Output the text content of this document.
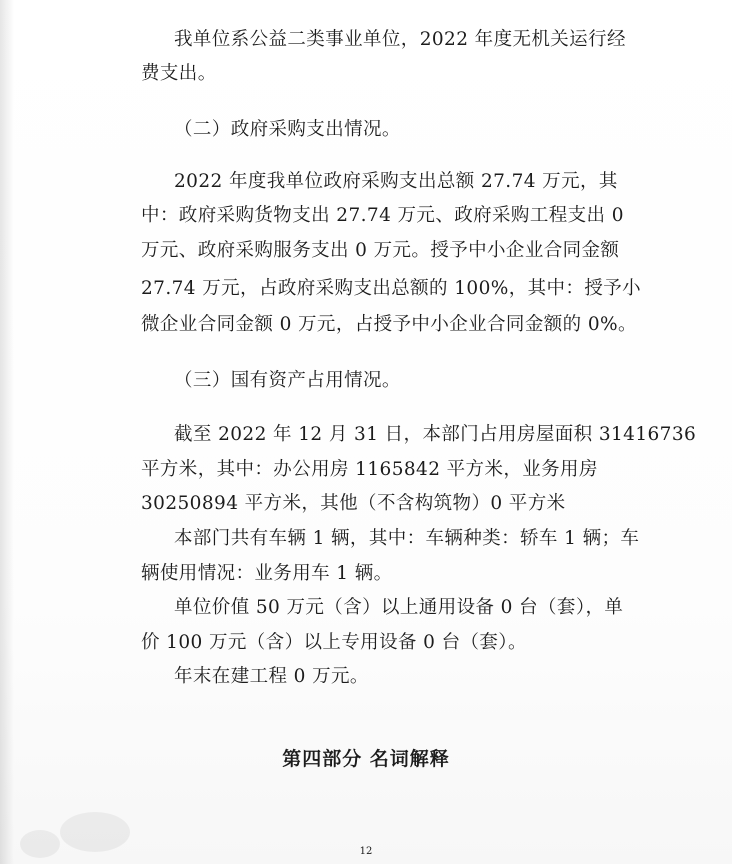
我单位系公益二类事业单位，2022 年度无机关运行经
费支出。
（二）政府采购支出情况。
2022 年度我单位政府采购支出总额 27.74 万元，其
中：政府采购货物支出 27.74 万元、政府采购工程支出 0
万元、政府采购服务支出 0 万元。授予中小企业合同金额
27.74 万元，占政府采购支出总额的 100%，其中：授予小
微企业合同金额 0 万元，占授予中小企业合同金额的 0%。
（三）国有资产占用情况。
截至 2022 年 12 月 31 日，本部门占用房屋面积 31416736
平方米，其中：办公用房 1165842 平方米，业务用房
30250894 平方米，其他（不含构筑物）0 平方米
本部门共有车辆 1 辆，其中：车辆种类：轿车 1 辆；车
辆使用情况：业务用车 1 辆。
单位价值 50 万元（含）以上通用设备 0 台（套），单
价 100 万元（含）以上专用设备 0 台（套）。
年末在建工程 0 万元。
第四部分 名词解释
12
